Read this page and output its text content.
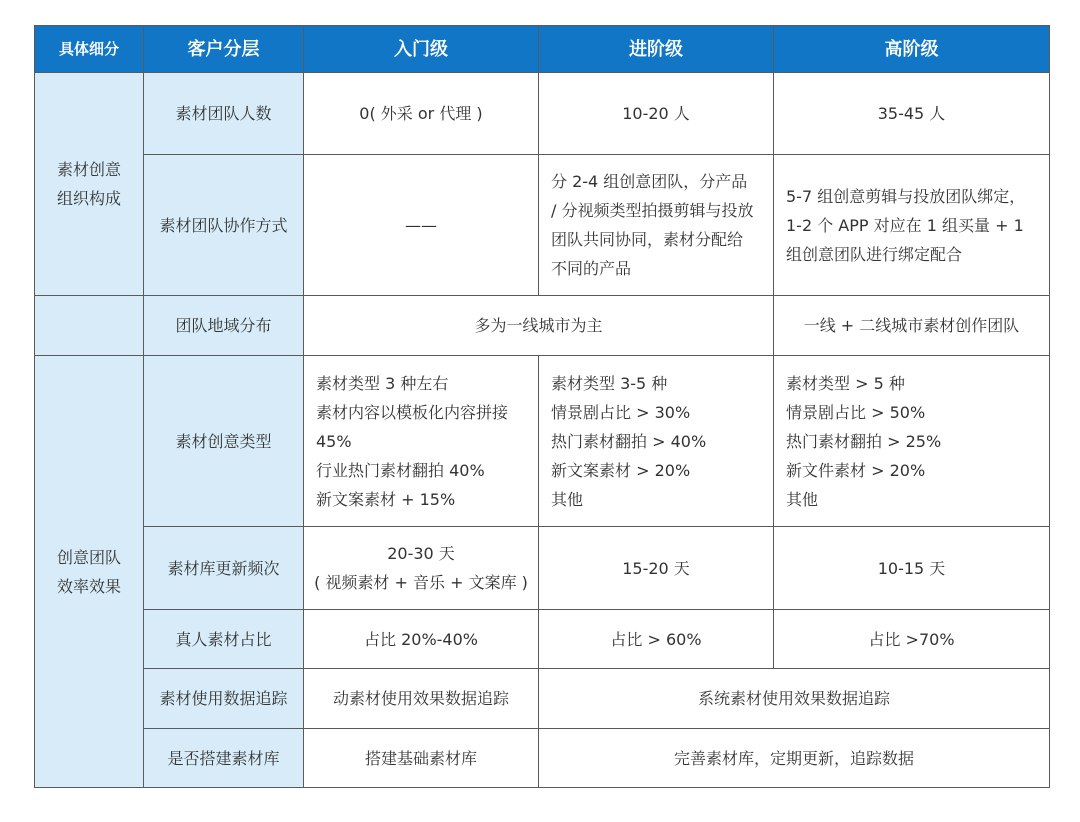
具体细分	客户分层	入门级	进阶级	高阶级

素材创意
组织构成	素材团队人数	0( 外采 or 代理 )	10-20 人	35-45 人
	素材团队协作方式	——	分 2-4 组创意团队，分产品
/ 分视频类型拍摄剪辑与投放
团队共同协同，素材分配给
不同的产品	5-7 组创意剪辑与投放团队绑定，
1-2 个 APP 对应在 1 组买量 + 1
组创意团队进行绑定配合

	团队地域分布	多为一线城市为主		一线 + 二线城市素材创作团队

创意团队
效率效果	素材创意类型	素材类型 3 种左右
素材内容以模板化内容拼接
45%
行业热门素材翻拍 40%
新文案素材 + 15%	素材类型 3-5 种
情景剧占比 > 30%
热门素材翻拍 > 40%
新文案素材 > 20%
其他	素材类型 > 5 种
情景剧占比 > 50%
热门素材翻拍 > 25%
新文件素材 > 20%
其他

	素材库更新频次	20-30 天
( 视频素材 + 音乐 + 文案库 )	15-20 天	10-15 天
	真人素材占比	占比 20%-40%	占比 > 60%	占比 >70%
	素材使用数据追踪	动素材使用效果数据追踪	系统素材使用效果数据追踪	
	是否搭建素材库	搭建基础素材库	完善素材库，定期更新，追踪数据	
